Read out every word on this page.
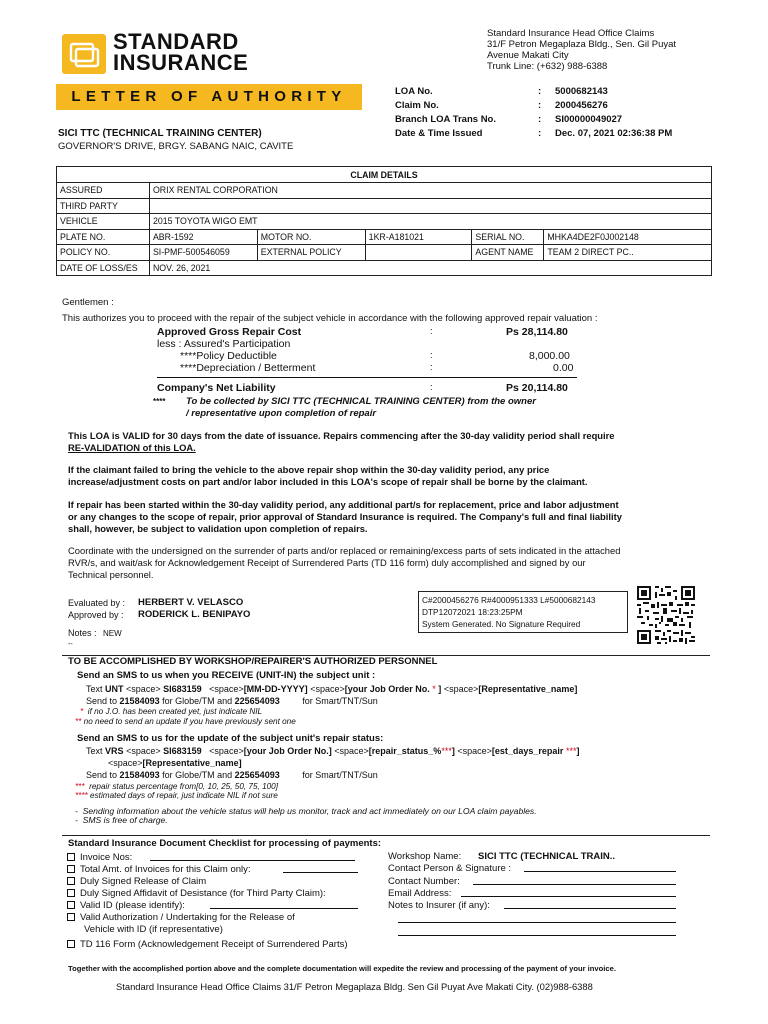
STANDARD
INSURANCE
Standard Insurance Head Office Claims
31/F Petron Megaplaza Bldg., Sen. Gil Puyat
Avenue Makati City
Trunk Line: (+632) 988-6388
LETTER OF AUTHORITY	LOA No.	: 5000682143
Claim No.	: 2000456276
Branch LOA Trans No.	: SI00000049027
Date & Time Issued	: Dec. 07, 2021 02:36:38 PM
SICI TTC (TECHNICAL TRAINING CENTER)
GOVERNOR'S DRIVE, BRGY. SABANG NAIC, CAVITE
CLAIM DETAILS					
ASSURED	ORIX RENTAL CORPORATION				
THIRD PARTY					
VEHICLE	2015 TOYOTA WIGO EMT				
PLATE NO.	ABR-1592	MOTOR NO.	1KR-A181021	SERIAL NO.	MHKA4DE2F0J002148
POLICY NO.	SI-PMF-500546059	EXTERNAL POLICY		AGENT NAME	TEAM 2 DIRECT PC..
DATE OF LOSS/ES	NOV. 26, 2021				
Gentlemen :
This authorizes you to proceed with the repair of the subject vehicle in accordance with the following approved repair valuation :
Approved Gross Repair Cost	:	Ps 28,114.80
less : Assured's Participation
****Policy Deductible	:	8,000.00
****Depreciation / Betterment	:	0.00
Company's Net Liability	:	Ps 20,114.80
**** To be collected by SICI TTC (TECHNICAL TRAINING CENTER) from the owner
/ representative upon completion of repair
This LOA is VALID for 30 days from the date of issuance. Repairs commencing after the 30-day validity period shall require
RE-VALIDATION of this LOA.
If the claimant failed to bring the vehicle to the above repair shop within the 30-day validity period, any price
increase/adjustment costs on part and/or labor included in this LOA's scope of repair shall be borne by the claimant.
If repair has been started within the 30-day validity period, any additional part/s for replacement, price and labor adjustment
or any changes to the scope of repair, prior approval of Standard Insurance is required. The Company's full and final liability
shall, however, be subject to validation upon completion of repairs.
Coordinate with the undersigned on the surrender of parts and/or replaced or remaining/excess parts of sets indicated in the attached
RVR/s, and wait/ask for Acknowledgement Receipt of Surrendered Parts (TD 116 form) duly accomplished and signed by our
Technical personnel.
Evaluated by : HERBERT V. VELASCO
Approved by : RODERICK L. BENIPAYO
Notes : NEW
--
C#2000456276 R#4000951333 L#5000682143
DTP12072021 18:23:25PM
System Generated. No Signature Required
TO BE ACCOMPLISHED BY WORKSHOP/REPAIRER'S AUTHORIZED PERSONNEL
Send an SMS to us when you RECEIVE (UNIT-IN) the subject unit :
Text UNT <space> SI683159 <space>[MM-DD-YYYY] <space>[your Job Order No. * ] <space>[Representative_name]
Send to 21584093 for Globe/TM and 225654093	for Smart/TNT/Sun
* if no J.O. has been created yet, just indicate NIL
** no need to send an update if you have previously sent one
Send an SMS to us for the update of the subject unit's repair status:
Text VRS <space> SI683159 <space>[your Job Order No.] <space>[repair_status_%***] <space>[est_days_repair ***]
<space>[Representative_name]
Send to 21584093 for Globe/TM and 225654093	for Smart/TNT/Sun
*** repair status percentage from[0, 10, 25, 50, 75, 100]
**** estimated days of repair, just indicate NIL if not sure
- Sending information about the vehicle status will help us monitor, track and act immediately on our LOA claim payables.
- SMS is free of charge.
Standard Insurance Document Checklist for processing of payments:
Invoice Nos:
Total Amt. of Invoices for this Claim only:
Duly Signed Release of Claim
Duly Signed Affidavit of Desistance (for Third Party Claim):
Valid ID (please identify):
Valid Authorization / Undertaking for the Release of
Vehicle with ID (if representative)
TD 116 Form (Acknowledgement Receipt of Surrendered Parts)
Workshop Name: SICI TTC (TECHNICAL TRAIN..
Contact Person & Signature :
Contact Number:
Email Address:
Notes to Insurer (if any):
Together with the accomplished portion above and the complete documentation will expedite the review and processing of the payment of your invoice.
Standard Insurance Head Office Claims 31/F Petron Megaplaza Bldg. Sen Gil Puyat Ave Makati City. (02)988-6388
